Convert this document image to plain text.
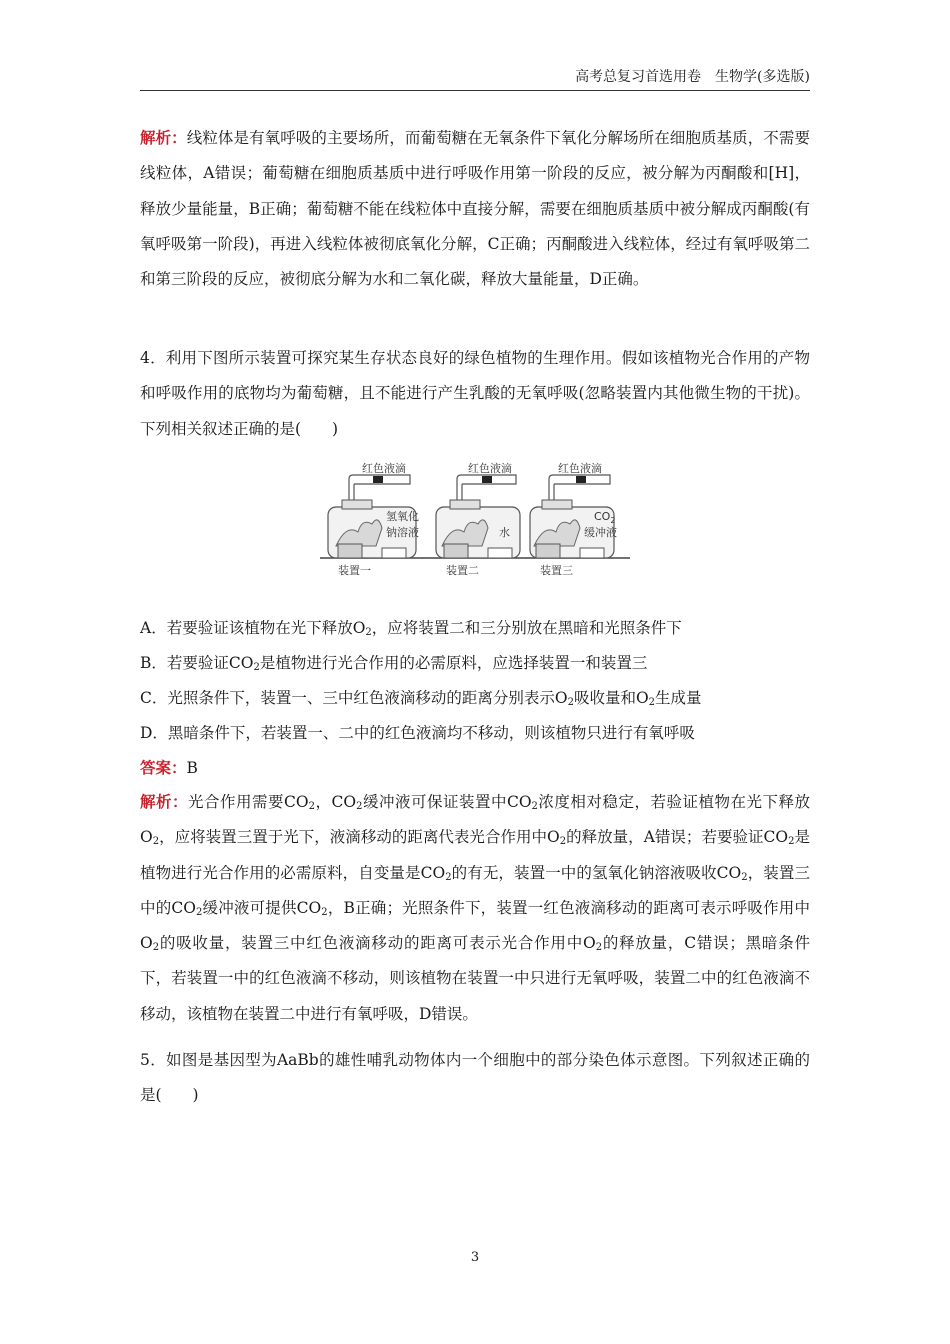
高考总复习首选用卷　生物学(多选版)
解析：线粒体是有氧呼吸的主要场所，而葡萄糖在无氧条件下氧化分解场所在细胞质基质，不需要线粒体，A错误；葡萄糖在细胞质基质中进行呼吸作用第一阶段的反应，被分解为丙酮酸和[H]，释放少量能量，B正确；葡萄糖不能在线粒体中直接分解，需要在细胞质基质中被分解成丙酮酸(有氧呼吸第一阶段)，再进入线粒体被彻底氧化分解，C正确；丙酮酸进入线粒体，经过有氧呼吸第二和第三阶段的反应，被彻底分解为水和二氧化碳，释放大量能量，D正确。
4．利用下图所示装置可探究某生存状态良好的绿色植物的生理作用。假如该植物光合作用的产物和呼吸作用的底物均为葡萄糖，且不能进行产生乳酸的无氧呼吸(忽略装置内其他微生物的干扰)。下列相关叙述正确的是(　　)
红色液滴
氢氧化
钠溶液
装置一
红色液滴
水
装置二
红色液滴
$CO_2$
缓冲液
装置三
A．若要验证该植物在光下释放$O_2$，应将装置二和三分别放在黑暗和光照条件下
B．若要验证$CO_2$是植物进行光合作用的必需原料，应选择装置一和装置三
C．光照条件下，装置一、三中红色液滴移动的距离分别表示$O_2$吸收量和$O_2$生成量
D．黑暗条件下，若装置一、二中的红色液滴均不移动，则该植物只进行有氧呼吸
答案：B
解析：光合作用需要$CO_2$，$CO_2$缓冲液可保证装置中$CO_2$浓度相对稳定，若验证植物在光下释放$O_2$，应将装置三置于光下，液滴移动的距离代表光合作用中$O_2$的释放量，A错误；若要验证$CO_2$是植物进行光合作用的必需原料，自变量是$CO_2$的有无，装置一中的氢氧化钠溶液吸收$CO_2$，装置三中的$CO_2$缓冲液可提供$CO_2$，B正确；光照条件下，装置一红色液滴移动的距离可表示呼吸作用中$O_2$的吸收量，装置三中红色液滴移动的距离可表示光合作用中$O_2$的释放量，C错误；黑暗条件下，若装置一中的红色液滴不移动，则该植物在装置一中只进行无氧呼吸，装置二中的红色液滴不移动，该植物在装置二中进行有氧呼吸，D错误。
5．如图是基因型为AaBb的雄性哺乳动物体内一个细胞中的部分染色体示意图。下列叙述正确的是(　　)
3
